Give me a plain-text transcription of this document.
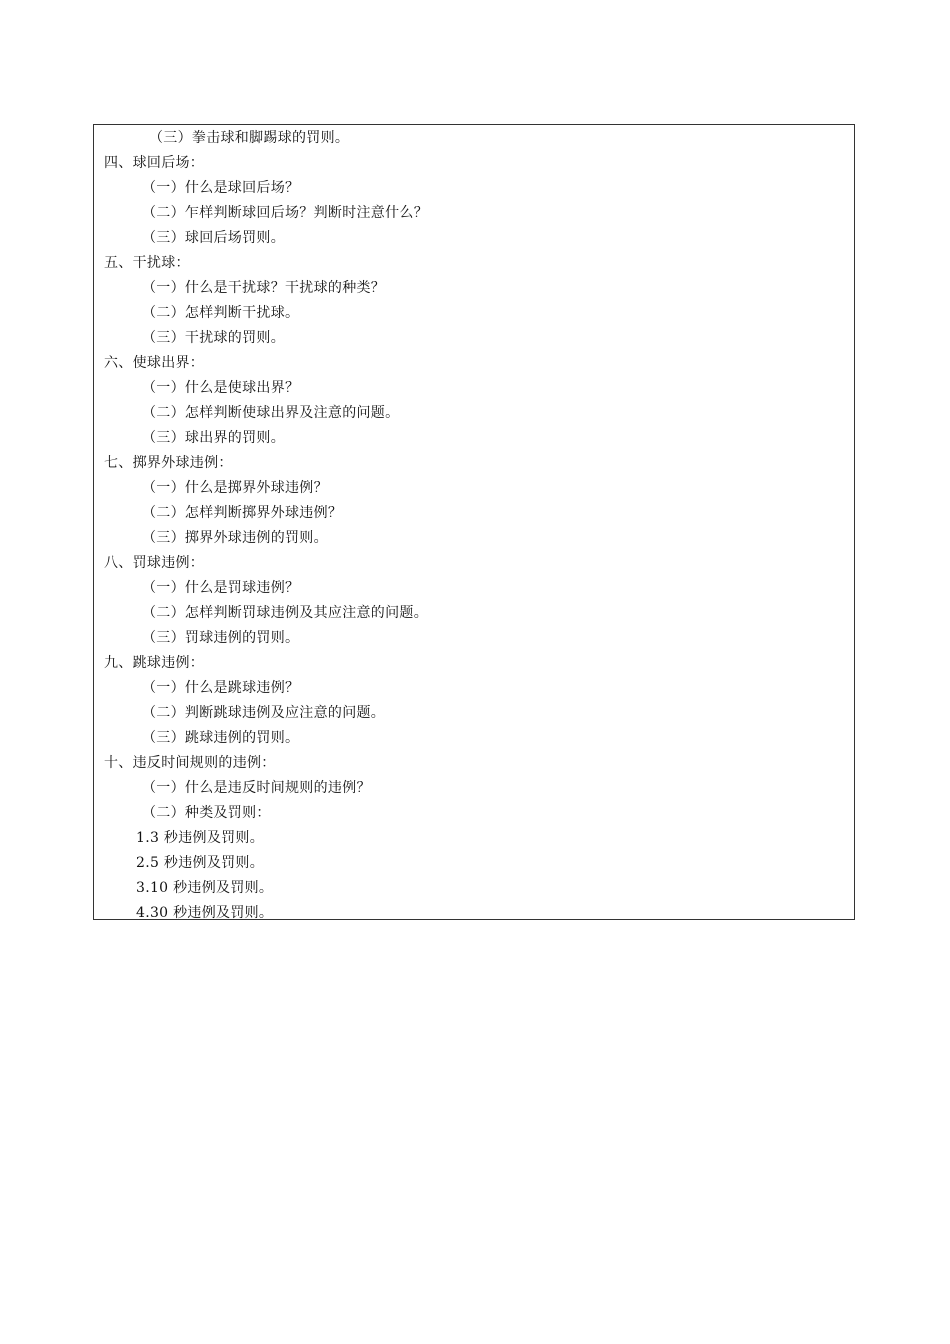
（三）拳击球和脚踢球的罚则。
四、球回后场：
（一）什么是球回后场？
（二）乍样判断球回后场？判断时注意什么？
（三）球回后场罚则。
五、干扰球：
（一）什么是干扰球？干扰球的种类？
（二）怎样判断干扰球。
（三）干扰球的罚则。
六、使球出界：
（一）什么是使球出界？
（二）怎样判断使球出界及注意的问题。
（三）球出界的罚则。
七、掷界外球违例：
（一）什么是掷界外球违例？
（二）怎样判断掷界外球违例？
（三）掷界外球违例的罚则。
八、罚球违例：
（一）什么是罚球违例？
（二）怎样判断罚球违例及其应注意的问题。
（三）罚球违例的罚则。
九、跳球违例：
（一）什么是跳球违例？
（二）判断跳球违例及应注意的问题。
（三）跳球违例的罚则。
十、违反时间规则的违例：
（一）什么是违反时间规则的违例？
（二）种类及罚则：
1.3 秒违例及罚则。
2.5 秒违例及罚则。
3.10 秒违例及罚则。
4.30 秒违例及罚则。
